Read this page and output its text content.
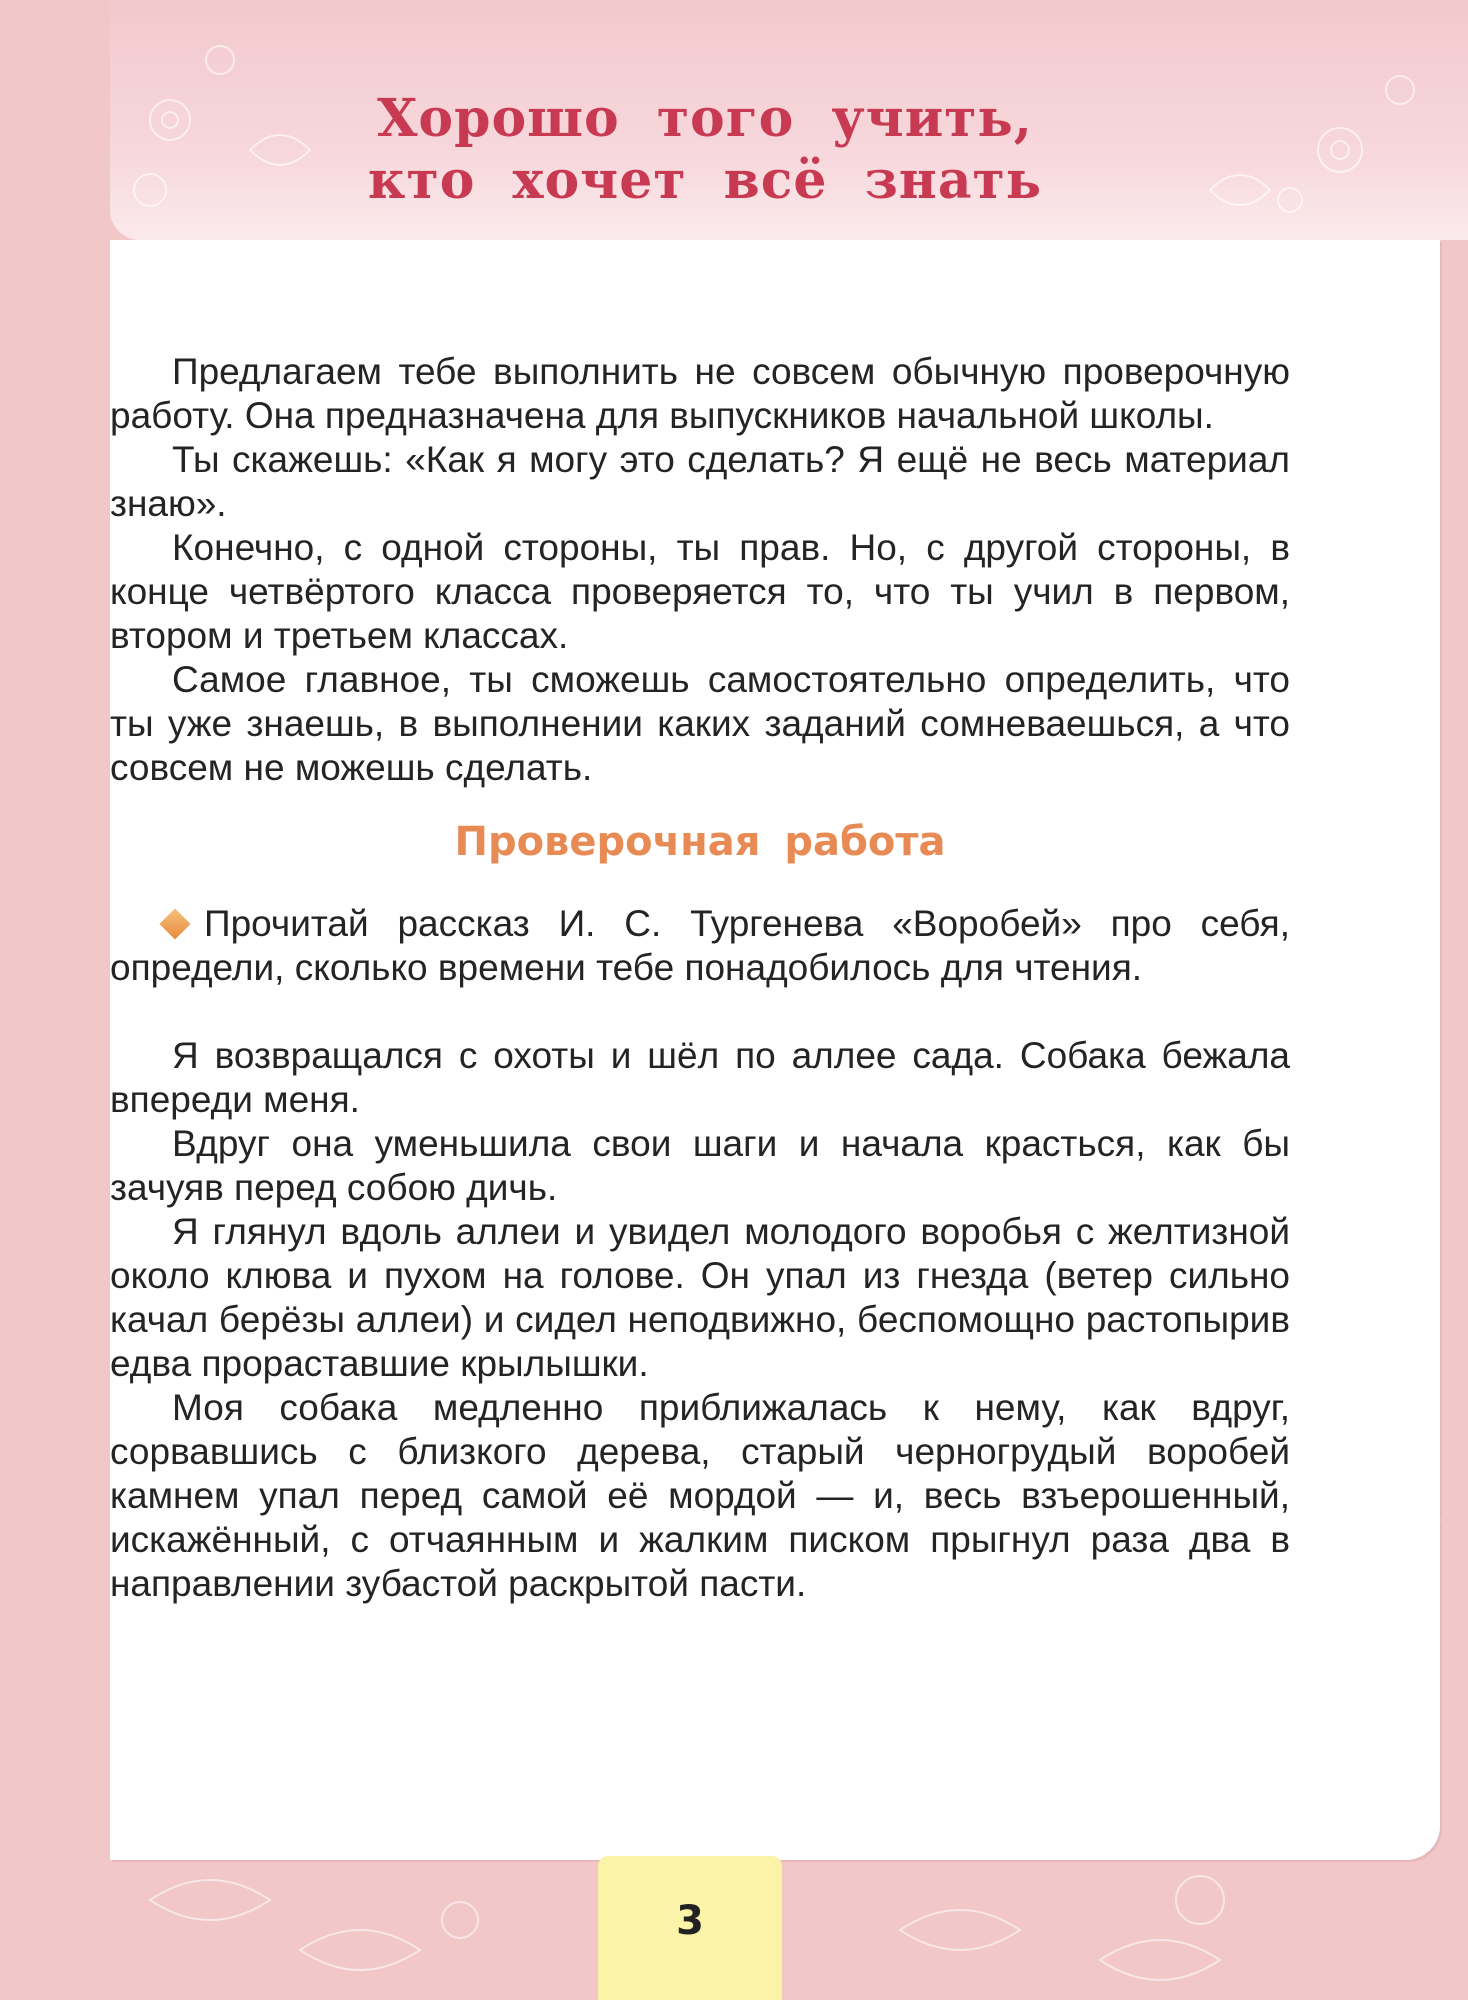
Хорошо того учить,
кто хочет всё знать

Предлагаем тебе выполнить не совсем обычную проверочную работу. Она предназначена для выпускников начальной школы.

Ты скажешь: «Как я могу это сделать? Я ещё не весь материал знаю».

Конечно, с одной стороны, ты прав. Но, с другой стороны, в конце четвёртого класса проверяется то, что ты учил в первом, втором и третьем классах.

Самое главное, ты сможешь самостоятельно определить, что ты уже знаешь, в выполнении каких заданий сомневаешься, а что совсем не можешь сделать.

Проверочная работа

Прочитай рассказ И. С. Тургенева «Воробей» про себя, определи, сколько времени тебе понадобилось для чтения.

Я возвращался с охоты и шёл по аллее сада. Собака бежала впереди меня.

Вдруг она уменьшила свои шаги и начала красться, как бы зачуяв перед собою дичь.

Я глянул вдоль аллеи и увидел молодого воробья с желтизной около клюва и пухом на голове. Он упал из гнезда (ветер сильно качал берёзы аллеи) и сидел неподвижно, беспомощно растопырив едва прораставшие крылышки.

Моя собака медленно приближалась к нему, как вдруг, сорвавшись с близкого дерева, старый черногрудый воробей камнем упал перед самой её мордой — и, весь взъерошенный, искажённый, с отчаянным и жалким писком прыгнул раза два в направлении зубастой раскрытой пасти.

3
